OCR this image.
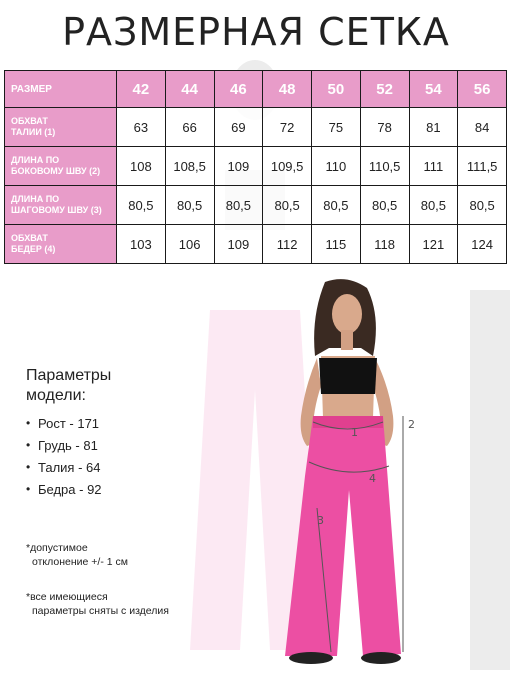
РАЗМЕРНАЯ СЕТКА
РАЗМЕР	42	44	46	48	50	52	54	56
ОБХВАТ
ТАЛИИ (1)	63	66	69	72	75	78	81	84
ДЛИНА ПО
БОКОВОМУ ШВУ (2)	108	108,5	109	109,5	110	110,5	111	111,5
ДЛИНА ПО
ШАГОВОМУ ШВУ (3)	80,5	80,5	80,5	80,5	80,5	80,5	80,5	80,5
ОБХВАТ
БЕДЕР (4)	103	106	109	112	115	118	121	124
Параметры
модели:
• Рост - 171
• Грудь - 81
• Талия - 64
• Бедра - 92
*допустимое

отклонение +/- 1 см
*все имеющиеся

параметры сняты с изделия
1
2
3
4
